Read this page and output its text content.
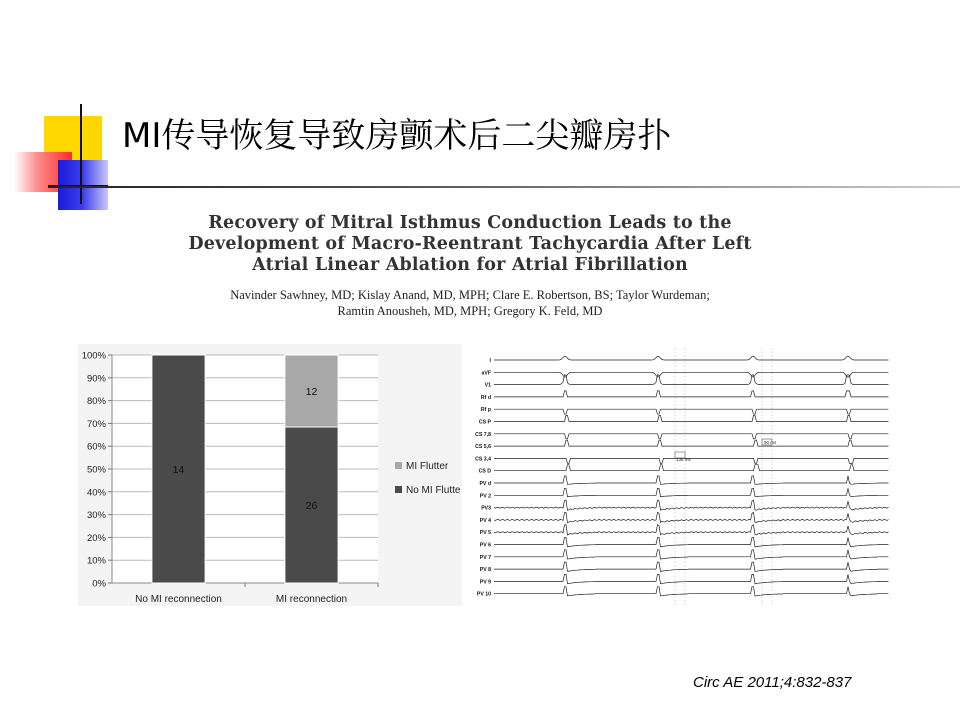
MI传导恢复导致房颤术后二尖瓣房扑
Recovery of Mitral Isthmus Conduction Leads to the
Development of Macro-Reentrant Tachycardia After Left
Atrial Linear Ablation for Atrial Fibrillation
Navinder Sawhney, MD; Kislay Anand, MD, MPH; Clare E. Robertson, BS; Taylor Wurdeman;
Ramtin Anousheh, MD, MPH; Gregory K. Feld, MD
0%
10%
20%
30%
40%
50%
60%
70%
80%
90%
100%
14
No MI reconnection
26
12
MI reconnection
MI Flutter
No MI Flutte
136 ms
90 ms
I
aVF
V1
Rf d
Rf p
CS P
CS 7,8
CS 5,6
CS 3,4
CS D
PV d
PV 2
PV3
PV 4
PV 5
PV 6
PV 7
PV 8
PV 9
PV 10
Circ AE 2011;4:832-837
